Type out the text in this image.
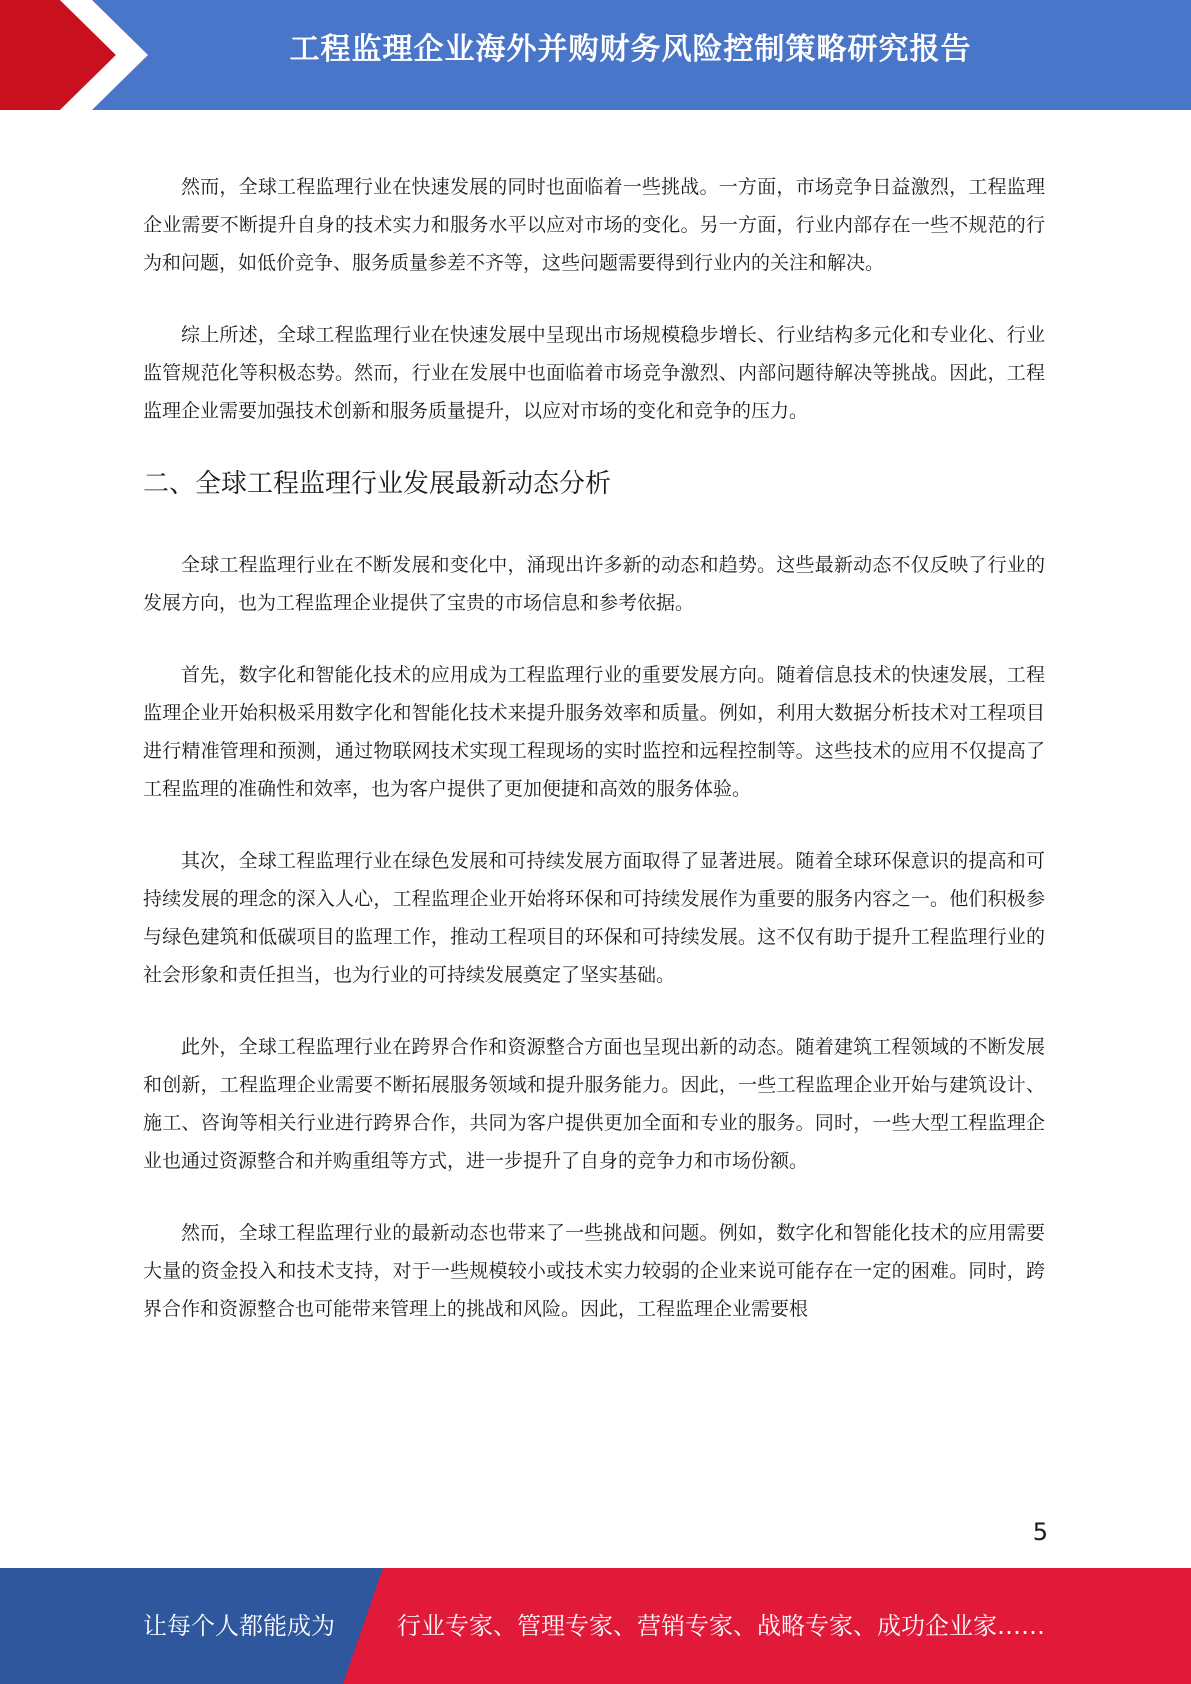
工程监理企业海外并购财务风险控制策略研究报告

然而，全球工程监理行业在快速发展的同时也面临着一些挑战。一方面，市场竞争日益激烈，工程监理企业需要不断提升自身的技术实力和服务水平以应对市场的变化。另一方面，行业内部存在一些不规范的行为和问题，如低价竞争、服务质量参差不齐等，这些问题需要得到行业内的关注和解决。

综上所述，全球工程监理行业在快速发展中呈现出市场规模稳步增长、行业结构多元化和专业化、行业监管规范化等积极态势。然而，行业在发展中也面临着市场竞争激烈、内部问题待解决等挑战。因此，工程监理企业需要加强技术创新和服务质量提升，以应对市场的变化和竞争的压力。

二、全球工程监理行业发展最新动态分析

全球工程监理行业在不断发展和变化中，涌现出许多新的动态和趋势。这些最新动态不仅反映了行业的发展方向，也为工程监理企业提供了宝贵的市场信息和参考依据。

首先，数字化和智能化技术的应用成为工程监理行业的重要发展方向。随着信息技术的快速发展，工程监理企业开始积极采用数字化和智能化技术来提升服务效率和质量。例如，利用大数据分析技术对工程项目进行精准管理和预测，通过物联网技术实现工程现场的实时监控和远程控制等。这些技术的应用不仅提高了工程监理的准确性和效率，也为客户提供了更加便捷和高效的服务体验。

其次，全球工程监理行业在绿色发展和可持续发展方面取得了显著进展。随着全球环保意识的提高和可持续发展的理念的深入人心，工程监理企业开始将环保和可持续发展作为重要的服务内容之一。他们积极参与绿色建筑和低碳项目的监理工作，推动工程项目的环保和可持续发展。这不仅有助于提升工程监理行业的社会形象和责任担当，也为行业的可持续发展奠定了坚实基础。

此外，全球工程监理行业在跨界合作和资源整合方面也呈现出新的动态。随着建筑工程领域的不断发展和创新，工程监理企业需要不断拓展服务领域和提升服务能力。因此，一些工程监理企业开始与建筑设计、施工、咨询等相关行业进行跨界合作，共同为客户提供更加全面和专业的服务。同时，一些大型工程监理企业也通过资源整合和并购重组等方式，进一步提升了自身的竞争力和市场份额。

然而，全球工程监理行业的最新动态也带来了一些挑战和问题。例如，数字化和智能化技术的应用需要大量的资金投入和技术支持，对于一些规模较小或技术实力较弱的企业来说可能存在一定的困难。同时，跨界合作和资源整合也可能带来管理上的挑战和风险。因此，工程监理企业需要根

5
让每个人都能成为	行业专家、管理专家、营销专家、战略专家、成功企业家……
